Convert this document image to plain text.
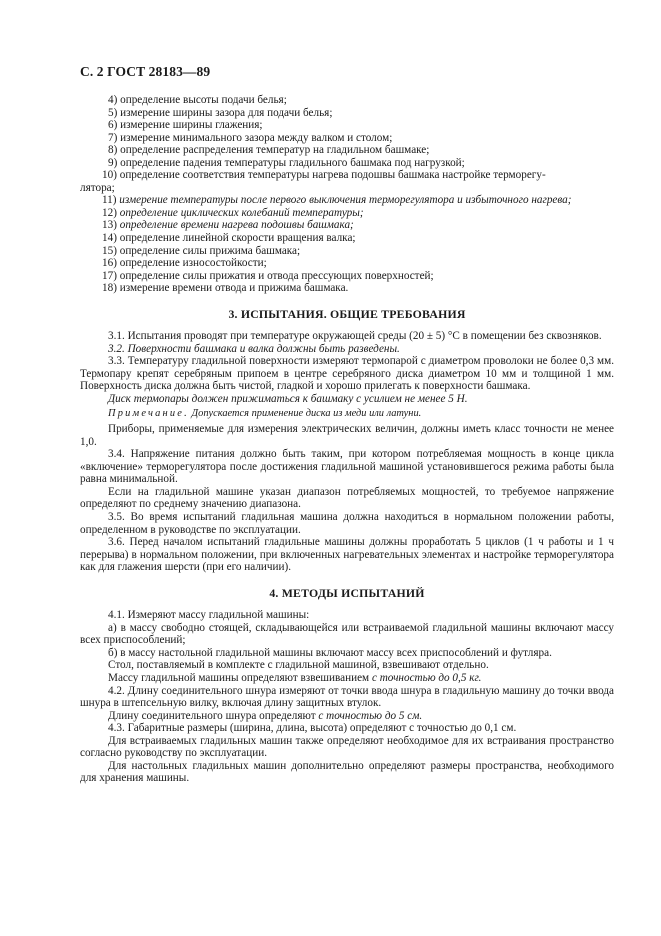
С. 2 ГОСТ 28183—89
4) определение высоты подачи белья;
5) измерение ширины зазора для подачи белья;
6) измерение ширины глажения;
7) измерение минимального зазора между валком и столом;
8) определение распределения температур на гладильном башмаке;
9) определение падения температуры гладильного башмака под нагрузкой;
10) определение соответствия температуры нагрева подошвы башмака настройке терморегу-
лятора;
11) измерение температуры после первого выключения терморегулятора и избыточного нагрева;
12) определение циклических колебаний температуры;
13) определение времени нагрева подошвы башмака;
14) определение линейной скорости вращения валка;
15) определение силы прижима башмака;
16) определение износостойкости;
17) определение силы прижатия и отвода прессующих поверхностей;
18) измерение времени отвода и прижима башмака.
3. ИСПЫТАНИЯ. ОБЩИЕ ТРЕБОВАНИЯ

3.1. Испытания проводят при температуре окружающей среды (20 ± 5) °С в помещении без сквозняков.

3.2. Поверхности башмака и валка должны быть разведены.

3.3. Температуру гладильной поверхности измеряют термопарой с диаметром проволоки не более 0,3 мм. Термопару крепят серебряным припоем в центре серебряного диска диаметром 10 мм и толщиной 1 мм. Поверхность диска должна быть чистой, гладкой и хорошо прилегать к поверхности башмака.

Диск термопары должен прижиматься к башмаку с усилием не менее 5 Н.

Примечание. Допускается применение диска из меди или латуни.

Приборы, применяемые для измерения электрических величин, должны иметь класс точности не менее 1,0.

3.4. Напряжение питания должно быть таким, при котором потребляемая мощность в конце цикла «включение» терморегулятора после достижения гладильной машиной установившегося режима работы была равна минимальной.

Если на гладильной машине указан диапазон потребляемых мощностей, то требуемое напряжение определяют по среднему значению диапазона.

3.5. Во время испытаний гладильная машина должна находиться в нормальном положении работы, определенном в руководстве по эксплуатации.

3.6. Перед началом испытаний гладильные машины должны проработать 5 циклов (1 ч работы и 1 ч перерыва) в нормальном положении, при включенных нагревательных элементах и настройке терморегулятора как для глажения шерсти (при его наличии).

4. МЕТОДЫ ИСПЫТАНИЙ

4.1. Измеряют массу гладильной машины:

а) в массу свободно стоящей, складывающейся или встраиваемой гладильной машины включают массу всех приспособлений;

б) в массу настольной гладильной машины включают массу всех приспособлений и футляра.

Стол, поставляемый в комплекте с гладильной машиной, взвешивают отдельно.

Массу гладильной машины определяют взвешиванием с точностью до 0,5 кг.

4.2. Длину соединительного шнура измеряют от точки ввода шнура в гладильную машину до точки ввода шнура в штепсельную вилку, включая длину защитных втулок.

Длину соединительного шнура определяют с точностью до 5 см.

4.3. Габаритные размеры (ширина, длина, высота) определяют с точностью до 0,1 см.

Для встраиваемых гладильных машин также определяют необходимое для их встраивания пространство согласно руководству по эксплуатации.

Для настольных гладильных машин дополнительно определяют размеры пространства, необходимого для хранения машины.
